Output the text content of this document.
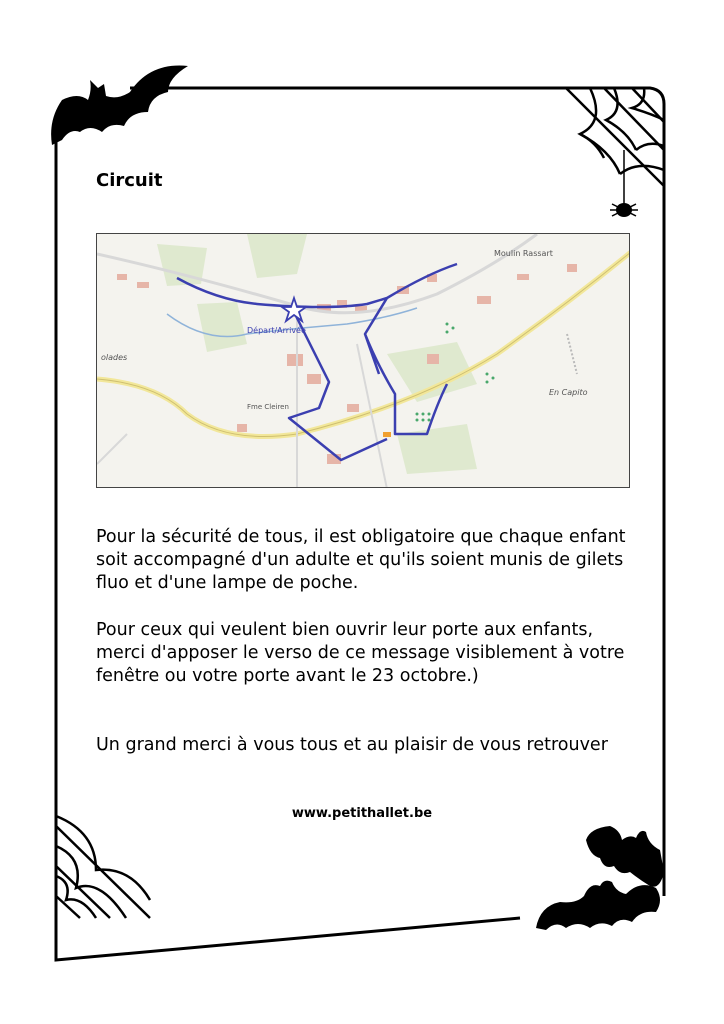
Circuit
Départ/Arrivée
Moulin Rassart
En Capito
Fme Cleiren
olades

Pour la sécurité de tous, il est obligatoire que chaque enfant soit accompagné d'un adulte et qu'ils soient munis de gilets fluo et d'une lampe de poche.

Pour ceux qui veulent bien ouvrir leur porte aux enfants, merci d'apposer le verso de ce message visiblement à votre fenêtre ou votre porte avant le 23 octobre.)

Un grand merci à vous tous et au plaisir de vous retrouver

www.petithallet.be
